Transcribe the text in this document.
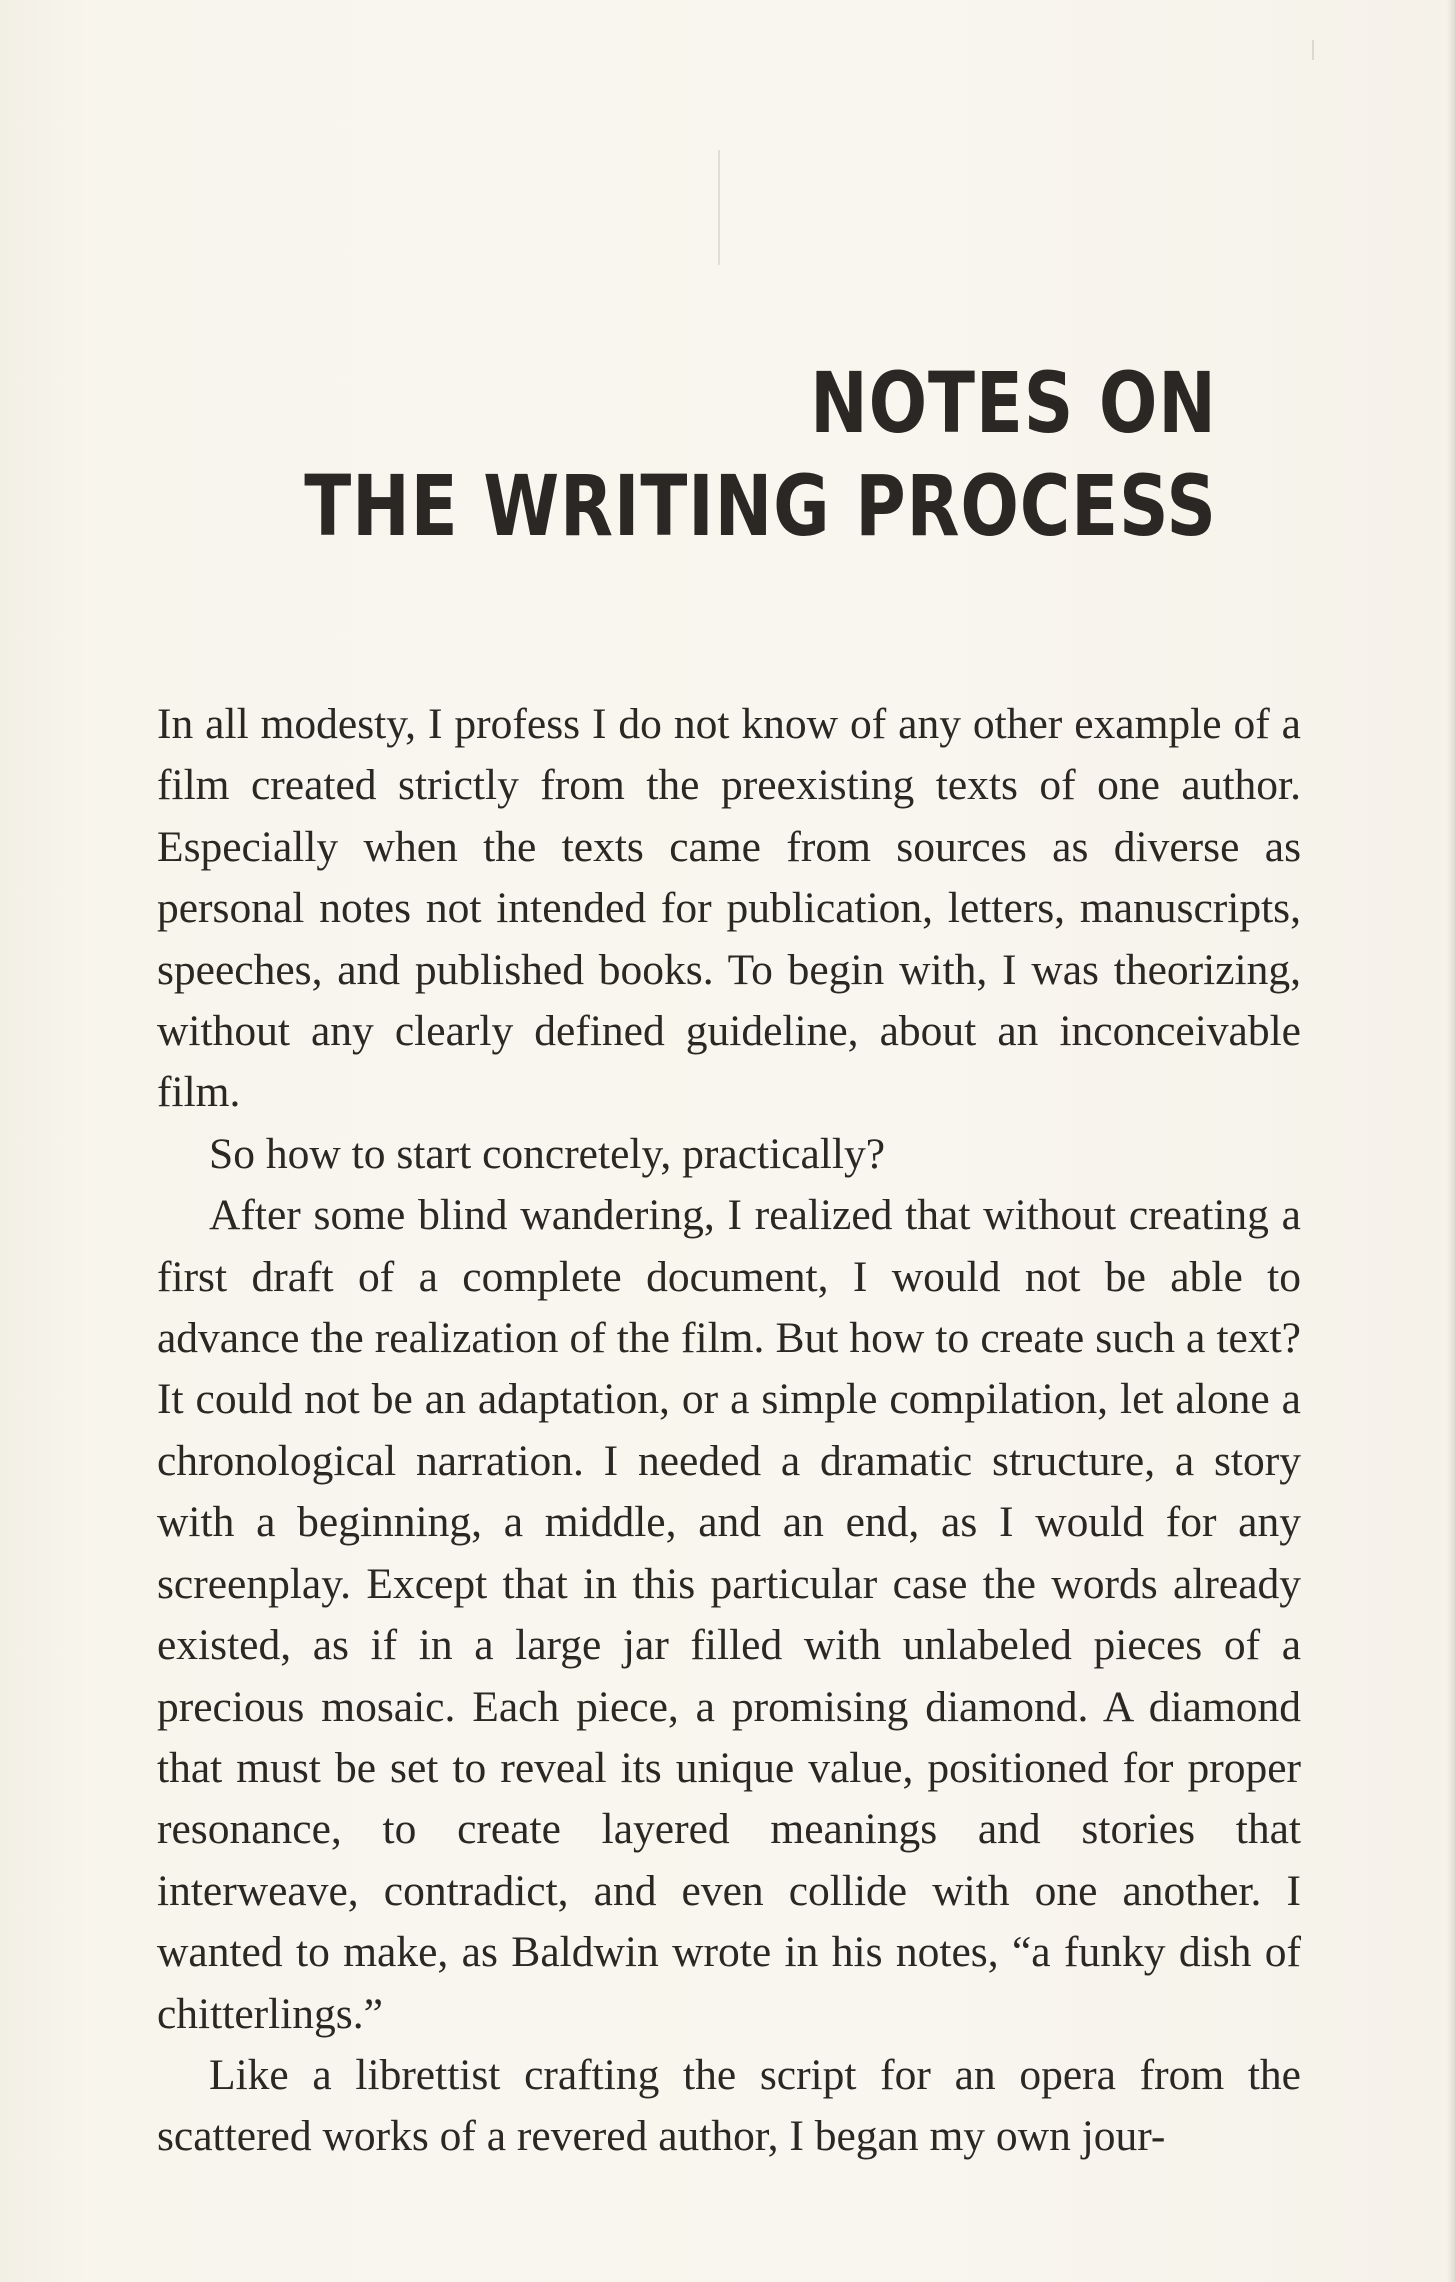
NOTES ON
THE WRITING PROCESS

In all modesty, I profess I do not know of any other example of a film created strictly from the preexisting texts of one author. Especially when the texts came from sources as diverse as personal notes not intended for publication, letters, manuscripts, speeches, and published books. To begin with, I was theorizing, without any clearly defined guideline, about an inconceivable film.

So how to start concretely, practically?

After some blind wandering, I realized that without creating a first draft of a complete document, I would not be able to advance the realization of the film. But how to create such a text? It could not be an adaptation, or a simple compilation, let alone a chronological narration. I needed a dramatic structure, a story with a beginning, a middle, and an end, as I would for any screenplay. Except that in this particular case the words already existed, as if in a large jar filled with unlabeled pieces of a precious mosaic. Each piece, a promising diamond. A diamond that must be set to reveal its unique value, positioned for proper resonance, to create layered meanings and stories that interweave, contradict, and even collide with one another. I wanted to make, as Baldwin wrote in his notes, “a funky dish of chitterlings.”

Like a librettist crafting the script for an opera from the scattered works of a revered author, I began my own jour-
